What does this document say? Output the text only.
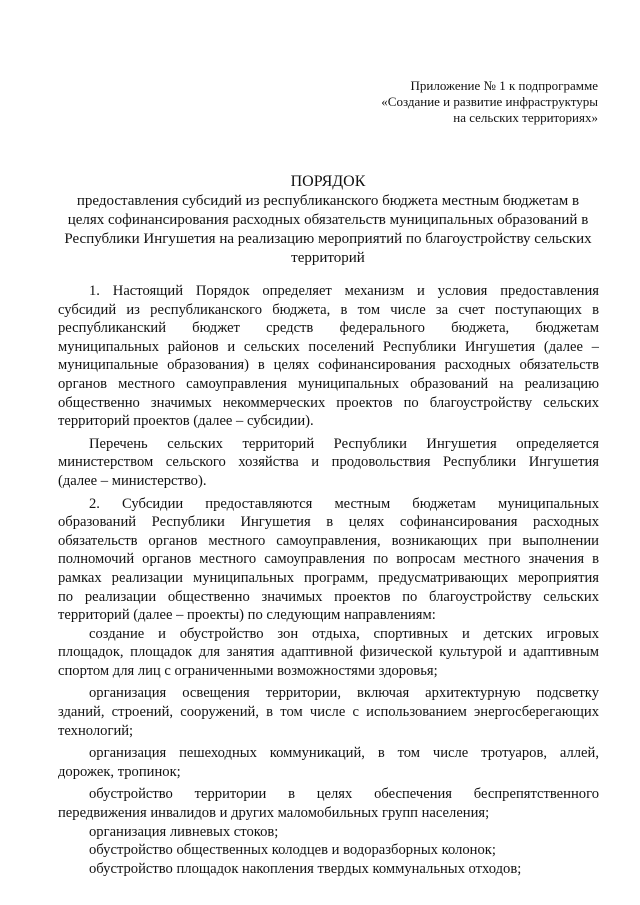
Приложение № 1 к подпрограмме
«Создание и развитие инфраструктуры
на сельских территориях»
ПОРЯДОК
предоставления субсидий из республиканского бюджета местным бюджетам в
целях софинансирования расходных обязательств муниципальных образований в
Республики Ингушетия на реализацию мероприятий по благоустройству сельских
территорий
1. Настоящий Порядок определяет механизм и условия предоставления
субсидий из республиканского бюджета, в том числе за счет поступающих в
республиканский бюджет средств федерального бюджета, бюджетам
муниципальных районов и сельских поселений Республики Ингушетия (далее –
муниципальные образования) в целях софинансирования расходных обязательств
органов местного самоуправления муниципальных образований на реализацию
общественно значимых некоммерческих проектов по благоустройству сельских
территорий проектов (далее – субсидии).
Перечень сельских территорий Республики Ингушетия определяется
министерством сельского хозяйства и продовольствия Республики Ингушетия
(далее – министерство).
2. Субсидии предоставляются местным бюджетам муниципальных
образований Республики Ингушетия в целях софинансирования расходных
обязательств органов местного самоуправления, возникающих при выполнении
полномочий органов местного самоуправления по вопросам местного значения в
рамках реализации муниципальных программ, предусматривающих мероприятия
по реализации общественно значимых проектов по благоустройству сельских
территорий (далее – проекты) по следующим направлениям:
создание и обустройство зон отдыха, спортивных и детских игровых
площадок, площадок для занятия адаптивной физической культурой и адаптивным
спортом для лиц с ограниченными возможностями здоровья;
организация освещения территории, включая архитектурную подсветку
зданий, строений, сооружений, в том числе с использованием энергосберегающих
технологий;
организация пешеходных коммуникаций, в том числе тротуаров, аллей,
дорожек, тропинок;
обустройство территории в целях обеспечения беспрепятственного
передвижения инвалидов и других маломобильных групп населения;
организация ливневых стоков;
обустройство общественных колодцев и водоразборных колонок;
обустройство площадок накопления твердых коммунальных отходов;
